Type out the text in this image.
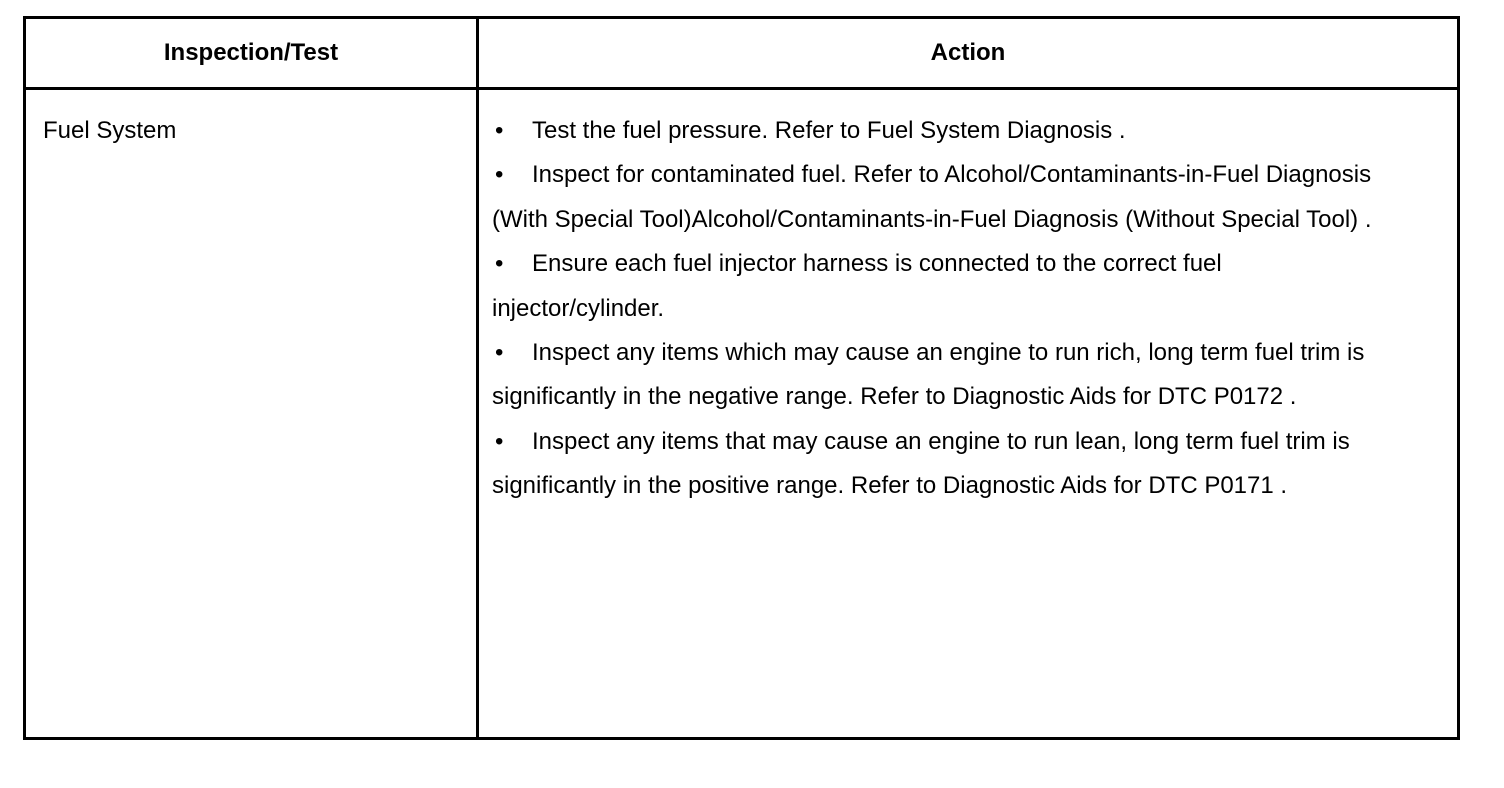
Inspection/Test	Action
Fuel System	• Test the fuel pressure. Refer to Fuel System Diagnosis .

• Inspect for contaminated fuel. Refer to Alcohol/Contaminants-in-Fuel Diagnosis (With Special Tool)Alcohol/Contaminants-in-Fuel Diagnosis (Without Special Tool) .

• Ensure each fuel injector harness is connected to the correct fuel injector/cylinder.

• Inspect any items which may cause an engine to run rich, long term fuel trim is significantly in the negative range. Refer to Diagnostic Aids for DTC P0172 .

• Inspect any items that may cause an engine to run lean, long term fuel trim is significantly in the positive range. Refer to Diagnostic Aids for DTC P0171 .
